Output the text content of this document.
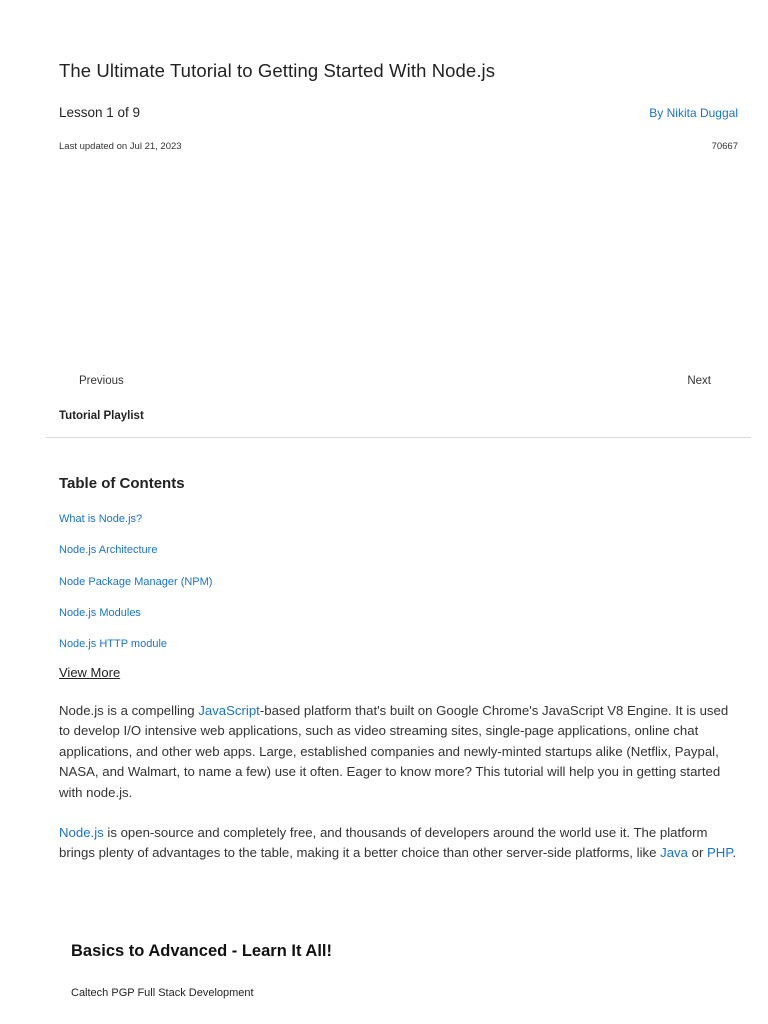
The Ultimate Tutorial to Getting Started With Node.js
Lesson 1 of 9	By Nikita Duggal
Last updated on Jul 21, 2023	70667
Previous	Next
Tutorial Playlist
Table of Contents
What is Node.js?
Node.js Architecture
Node Package Manager (NPM)
Node.js Modules
Node.js HTTP module
View More

Node.js is a compelling JavaScript-based platform that's built on Google Chrome's JavaScript V8 Engine. It is used to develop I/O intensive web applications, such as video streaming sites, single-page applications, online chat applications, and other web apps. Large, established companies and newly-minted startups alike (Netflix, Paypal, NASA, and Walmart, to name a few) use it often. Eager to know more? This tutorial will help you in getting started with node.js.

Node.js is open-source and completely free, and thousands of developers around the world use it. The platform brings plenty of advantages to the table, making it a better choice than other server-side platforms, like Java or PHP.

Basics to Advanced - Learn It All!
Caltech PGP Full Stack Development
